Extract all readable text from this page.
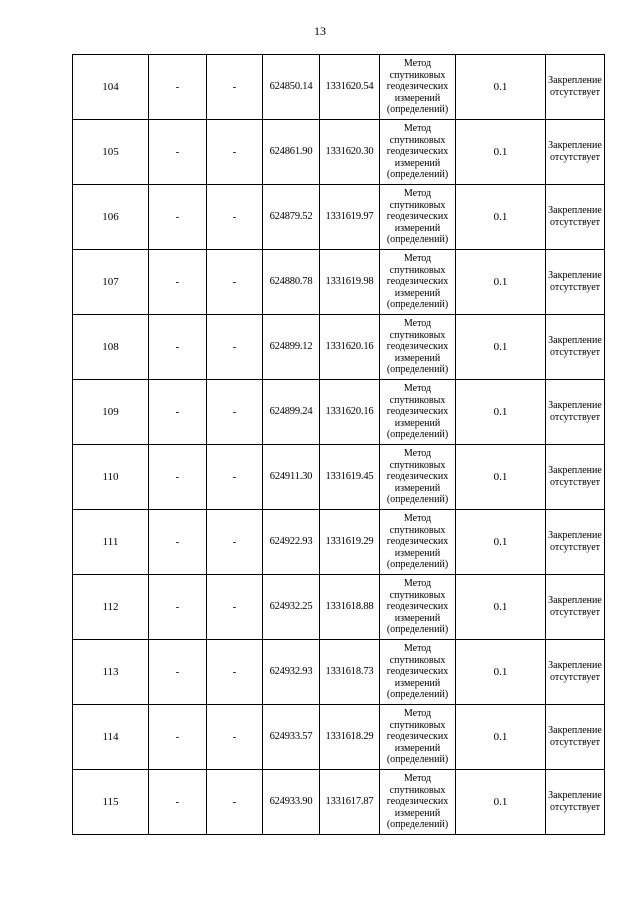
13
104	-	-	624850.14	1331620.54	Метод спутниковых геодезических измерений (определений)	0.1	Закрепление отсутствует
105	-	-	624861.90	1331620.30	Метод спутниковых геодезических измерений (определений)	0.1	Закрепление отсутствует
106	-	-	624879.52	1331619.97	Метод спутниковых геодезических измерений (определений)	0.1	Закрепление отсутствует
107	-	-	624880.78	1331619.98	Метод спутниковых геодезических измерений (определений)	0.1	Закрепление отсутствует
108	-	-	624899.12	1331620.16	Метод спутниковых геодезических измерений (определений)	0.1	Закрепление отсутствует
109	-	-	624899.24	1331620.16	Метод спутниковых геодезических измерений (определений)	0.1	Закрепление отсутствует
110	-	-	624911.30	1331619.45	Метод спутниковых геодезических измерений (определений)	0.1	Закрепление отсутствует
111	-	-	624922.93	1331619.29	Метод спутниковых геодезических измерений (определений)	0.1	Закрепление отсутствует
112	-	-	624932.25	1331618.88	Метод спутниковых геодезических измерений (определений)	0.1	Закрепление отсутствует
113	-	-	624932.93	1331618.73	Метод спутниковых геодезических измерений (определений)	0.1	Закрепление отсутствует
114	-	-	624933.57	1331618.29	Метод спутниковых геодезических измерений (определений)	0.1	Закрепление отсутствует
115	-	-	624933.90	1331617.87	Метод спутниковых геодезических измерений (определений)	0.1	Закрепление отсутствует
